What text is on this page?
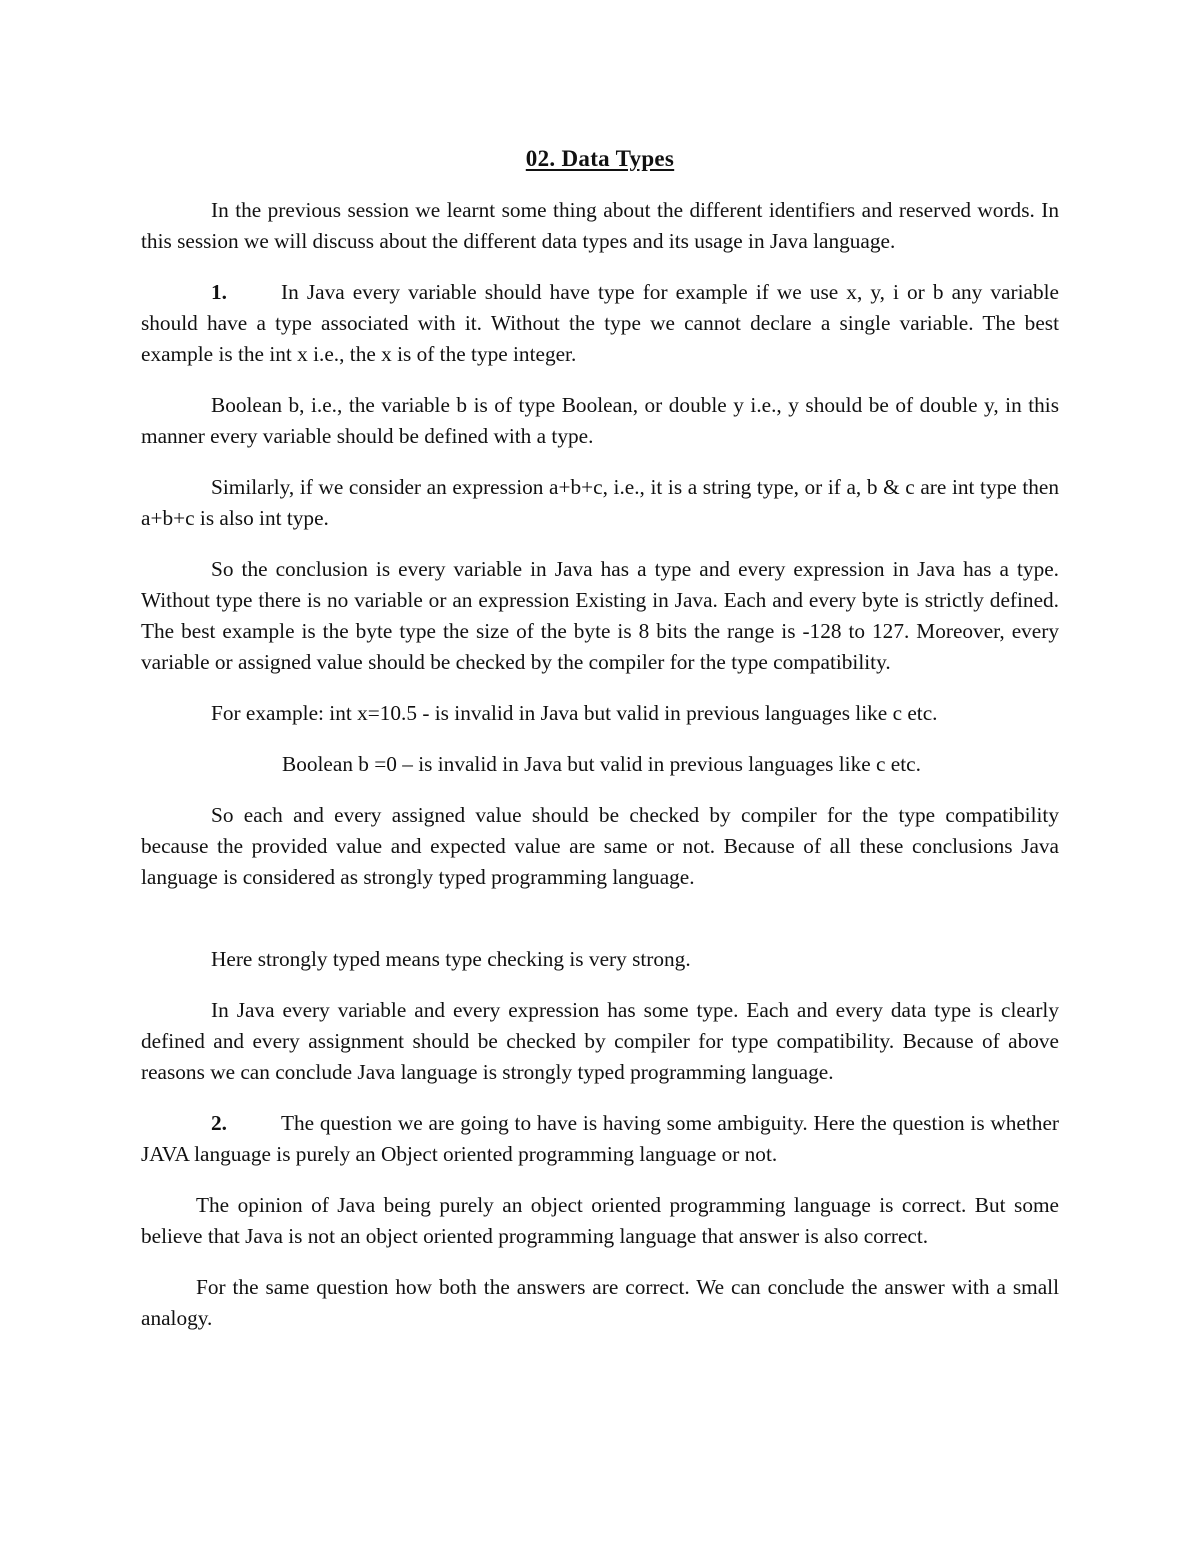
02. Data Types

In the previous session we learnt some thing about the different identifiers and reserved words. In this session we will discuss about the different data types and its usage in Java language.

1.	In Java every variable should have type for example if we use x, y, i or b any variable should have a type associated with it. Without the type we cannot declare a single variable. The best example is the int x i.e., the x is of the type integer.

Boolean b, i.e., the variable b is of type Boolean, or double y i.e., y should be of double y, in this manner every variable should be defined with a type.

Similarly, if we consider an expression a+b+c, i.e., it is a string type, or if a, b & c are int type then a+b+c is also int type.

So the conclusion is every variable in Java has a type and every expression in Java has a type. Without type there is no variable or an expression Existing in Java. Each and every byte is strictly defined. The best example is the byte type the size of the byte is 8 bits the range is -128 to 127. Moreover, every variable or assigned value should be checked by the compiler for the type compatibility.

For example: int x=10.5 - is invalid in Java but valid in previous languages like c etc.

Boolean b =0 – is invalid in Java but valid in previous languages like c etc.

So each and every assigned value should be checked by compiler for the type compatibility because the provided value and expected value are same or not. Because of all these conclusions Java language is considered as strongly typed programming language.

Here strongly typed means type checking is very strong.

In Java every variable and every expression has some type. Each and every data type is clearly defined and every assignment should be checked by compiler for type compatibility. Because of above reasons we can conclude Java language is strongly typed programming language.

2.	The question we are going to have is having some ambiguity. Here the question is whether JAVA language is purely an Object oriented programming language or not.

The opinion of Java being purely an object oriented programming language is correct. But some believe that Java is not an object oriented programming language that answer is also correct.

For the same question how both the answers are correct. We can conclude the answer with a small analogy.
